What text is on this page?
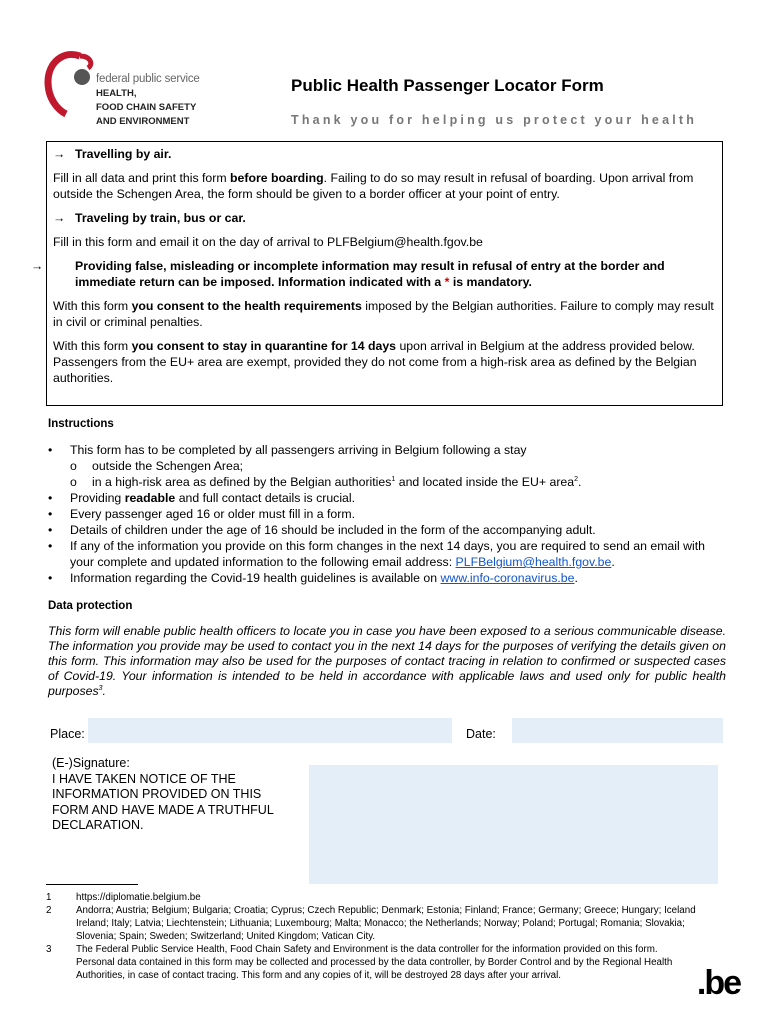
federal public service
HEALTH,
FOOD CHAIN SAFETY
AND ENVIRONMENT
Public Health Passenger Locator Form
Thank you for helping us protect your health

→ Travelling by air.

Fill in all data and print this form before boarding. Failing to do so may result in refusal of boarding. Upon arrival from outside the Schengen Area, the form should be given to a border officer at your point of entry.

→ Traveling by train, bus or car.

Fill in this form and email it on the day of arrival to PLFBelgium@health.fgov.be

→	Providing false, misleading or incomplete information may result in refusal of entry at the border and immediate return can be imposed. Information indicated with a * is mandatory.

With this form you consent to the health requirements imposed by the Belgian authorities. Failure to comply may result in civil or criminal penalties.

With this form you consent to stay in quarantine for 14 days upon arrival in Belgium at the address provided below. Passengers from the EU+ area are exempt, provided they do not come from a high-risk area as defined by the Belgian authorities.

Instructions
• This form has to be completed by all passengers arriving in Belgium following a stay
o outside the Schengen Area;
o in a high-risk area as defined by the Belgian authorities$^1$ and located inside the EU+ area$^2$.
• Providing readable and full contact details is crucial.
• Every passenger aged 16 or older must fill in a form.
• Details of children under the age of 16 should be included in the form of the accompanying adult.
• If any of the information you provide on this form changes in the next 14 days, you are required to send an email with your complete and updated information to the following email address: PLFBelgium@health.fgov.be.
• Information regarding the Covid-19 health guidelines is available on www.info-coronavirus.be.
Data protection

This form will enable public health officers to locate you in case you have been exposed to a serious communicable disease. The information you provide may be used to contact you in the next 14 days for the purposes of verifying the details given on this form. This information may also be used for the purposes of contact tracing in relation to confirmed or suspected cases of Covid-19. Your information is intended to be held in accordance with applicable laws and used only for public health purposes$^3$.

Place:	Date:
(E-)Signature:
I HAVE TAKEN NOTICE OF THE INFORMATION PROVIDED ON THIS FORM AND HAVE MADE A TRUTHFUL DECLARATION.
1	https://diplomatie.belgium.be
2	Andorra; Austria; Belgium; Bulgaria; Croatia; Cyprus; Czech Republic; Denmark; Estonia; Finland; France; Germany; Greece; Hungary; Iceland Ireland; Italy; Latvia; Liechtenstein; Lithuania; Luxembourg; Malta; Monacco; the Netherlands; Norway; Poland; Portugal; Romania; Slovakia; Slovenia; Spain; Sweden; Switzerland; United Kingdom; Vatican City.
3	The Federal Public Service Health, Food Chain Safety and Environment is the data controller for the information provided on this form. Personal data contained in this form may be collected and processed by the data controller, by Border Control and by the Regional Health Authorities, in case of contact tracing. This form and any copies of it, will be destroyed 28 days after your arrival.	.be
